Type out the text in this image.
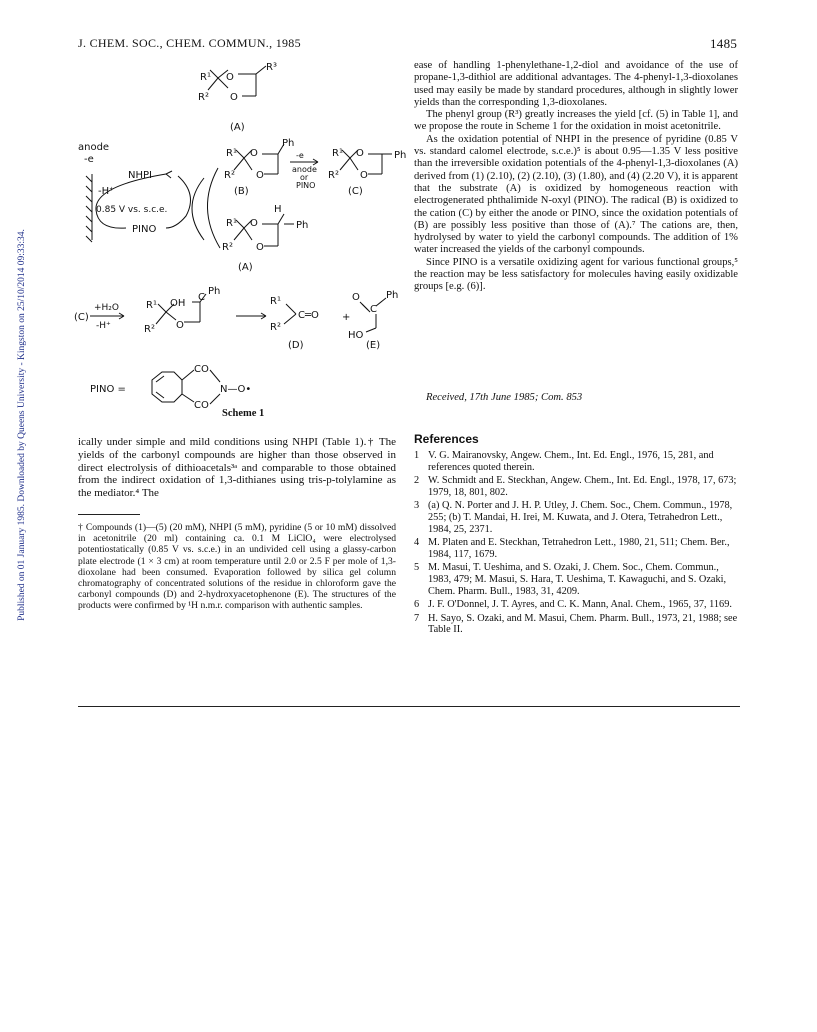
J. CHEM. SOC., CHEM. COMMUN., 1985	1485
Published on 01 January 1985. Downloaded by Queens University - Kingston on 25/10/2014 09:33:34.
R¹ O
R² O
R³
(A)
anode
-e
NHPI
-H⁺
0.85 V vs. s.c.e.
PINO
R¹ O
R² O
Ph
(B)
-e
anode
or
PINO
R¹ O
R² O
Ph
(C)
H
R¹ O	Ph
R² O
(A)
+H₂O
(C)
-H⁺
R¹ OH
C
Ph
R² O
R¹
C═O
R²
+
(D)
O
C
Ph
HO
(E)
PINO =
CO
CO
N—O•
Scheme 1

ically under simple and mild conditions using NHPI (Table 1).† The yields of the carbonyl compounds are higher than those observed in direct electrolysis of dithioacetals³ᵃ and comparable to those obtained from the indirect oxidation of 1,3-dithianes using tris-p-tolylamine as the mediator.⁴ The

† Compounds (1)—(5) (20 mM), NHPI (5 mM), pyridine (5 or 10 mM) dissolved in acetonitrile (20 ml) containing ca. 0.1 M LiClO₄ were electrolysed potentiostatically (0.85 V vs. s.c.e.) in an undivided cell using a glassy-carbon plate electrode (1 × 3 cm) at room temperature until 2.0 or 2.5 F per mole of 1,3-dioxolane had been consumed. Evaporation followed by silica gel column chromatography of concentrated solutions of the residue in chloroform gave the carbonyl compounds (D) and 2-hydroxyacetophenone (E). The structures of the products were confirmed by ¹H n.m.r. comparison with authentic samples.

ease of handling 1-phenylethane-1,2-diol and avoidance of the use of propane-1,3-dithiol are additional advantages. The 4-phenyl-1,3-dioxolanes used may easily be made by standard procedures, although in slightly lower yields than the corresponding 1,3-dioxolanes.

The phenyl group (R³) greatly increases the yield [cf. (5) in Table 1], and we propose the route in Scheme 1 for the oxidation in moist acetonitrile.

As the oxidation potential of NHPI in the presence of pyridine (0.85 V vs. standard calomel electrode, s.c.e.)⁵ is about 0.95—1.35 V less positive than the irreversible oxidation potentials of the 4-phenyl-1,3-dioxolanes (A) derived from (1) (2.10), (2) (2.10), (3) (1.80), and (4) (2.20 V), it is apparent that the substrate (A) is oxidized by homogeneous reaction with electrogenerated phthalimide N-oxyl (PINO). The radical (B) is oxidized to the cation (C) by either the anode or PINO, since the oxidation potentials of (B) are possibly less positive than those of (A).⁷ The cations are, then, hydrolysed by water to yield the carbonyl compounds. The addition of 1% water increased the yields of the carbonyl compounds.

Since PINO is a versatile oxidizing agent for various functional groups,⁵ the reaction may be less satisfactory for molecules having easily oxidizable groups [e.g. (6)].

Received, 17th June 1985; Com. 853
References
1 V. G. Mairanovsky, Angew. Chem., Int. Ed. Engl., 1976, 15, 281, and references quoted therein.
2 W. Schmidt and E. Steckhan, Angew. Chem., Int. Ed. Engl., 1978, 17, 673; 1979, 18, 801, 802.
3 (a) Q. N. Porter and J. H. P. Utley, J. Chem. Soc., Chem. Commun., 1978, 255; (b) T. Mandai, H. Irei, M. Kuwata, and J. Otera, Tetrahedron Lett., 1984, 25, 2371.
4 M. Platen and E. Steckhan, Tetrahedron Lett., 1980, 21, 511; Chem. Ber., 1984, 117, 1679.
5 M. Masui, T. Ueshima, and S. Ozaki, J. Chem. Soc., Chem. Commun., 1983, 479; M. Masui, S. Hara, T. Ueshima, T. Kawaguchi, and S. Ozaki, Chem. Pharm. Bull., 1983, 31, 4209.
6 J. F. O'Donnel, J. T. Ayres, and C. K. Mann, Anal. Chem., 1965, 37, 1169.
7 H. Sayo, S. Ozaki, and M. Masui, Chem. Pharm. Bull., 1973, 21, 1988; see Table II.
